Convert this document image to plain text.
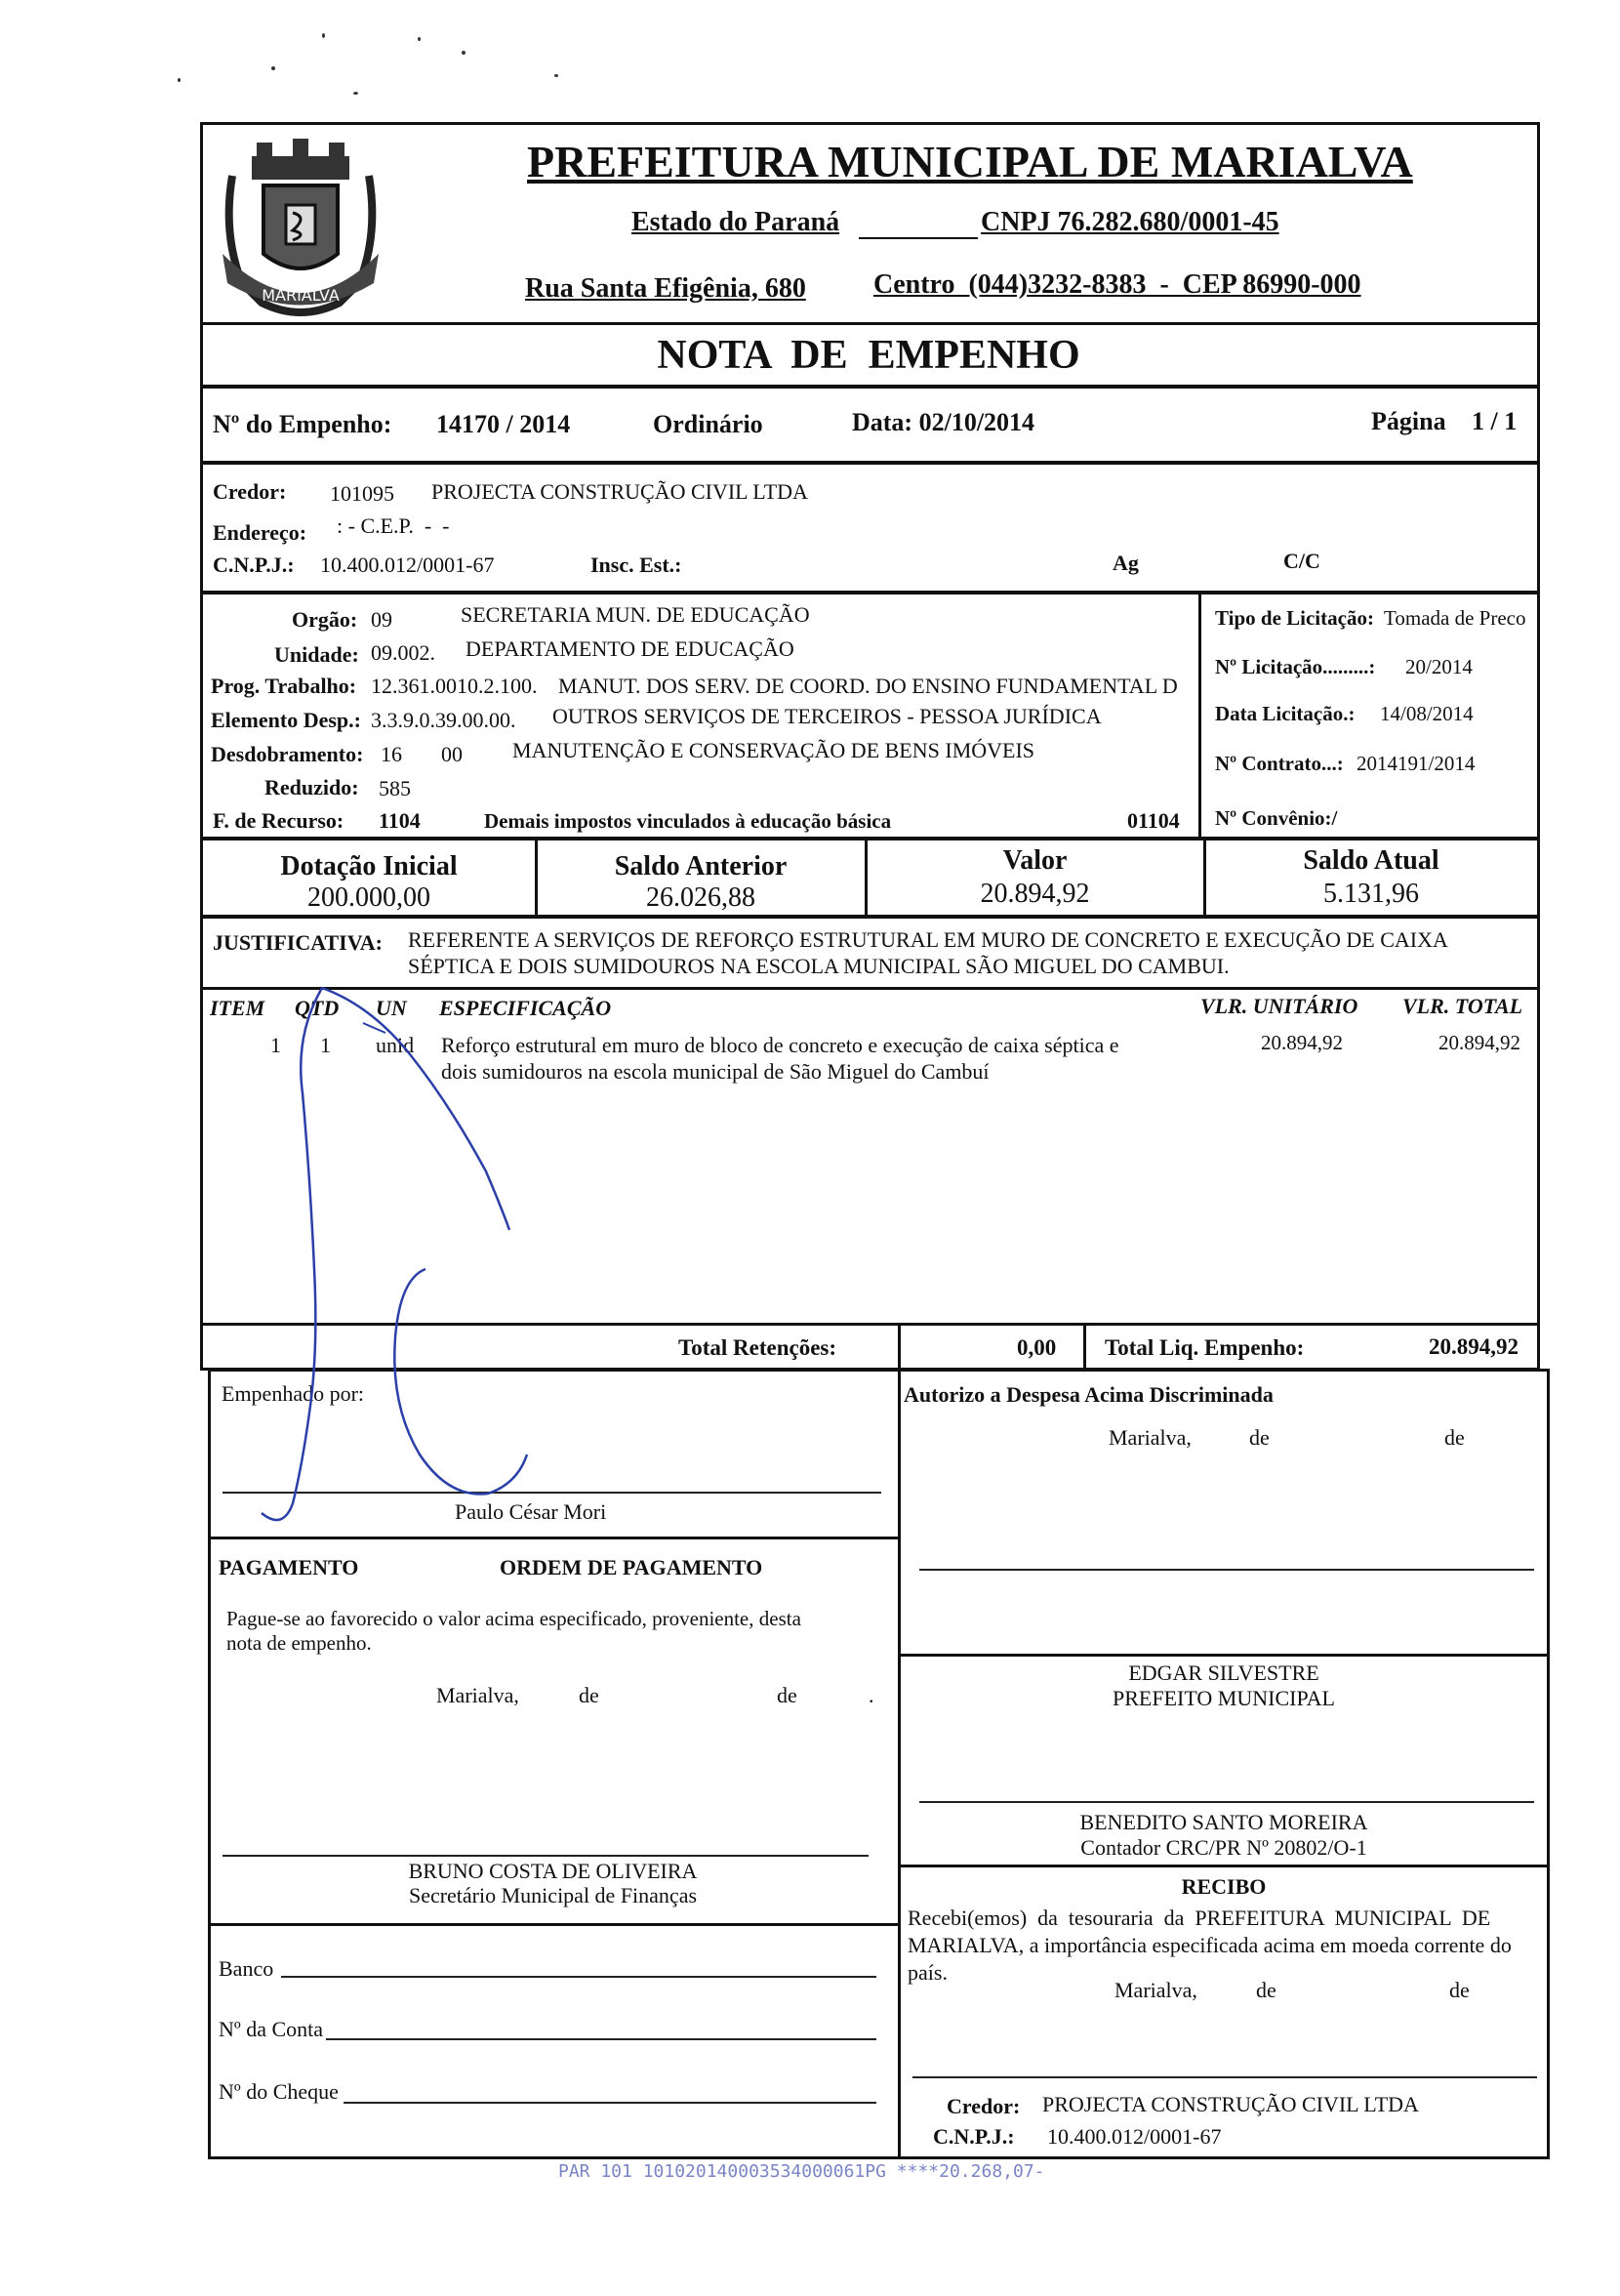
MARIALVA
PREFEITURA MUNICIPAL DE MARIALVA
Estado do Paraná	CNPJ 76.282.680/0001-45
Rua Santa Efigênia, 680 Centro  (044)3232-8383  -  CEP 86990-000
NOTA  DE  EMPENHO
Nº do Empenho: 14170 / 2014	Ordinário	Data: 02/10/2014	Página 1 / 1
Credor: 101095 PROJECTA CONSTRUÇÃO CIVIL LTDA
Endereço: : - C.E.P.  -  -
C.N.P.J.: 10.400.012/0001-67	Insc. Est.:	Ag	C/C
Orgão: 09	SECRETARIA MUN. DE EDUCAÇÃO
Unidade: 09.002. DEPARTAMENTO DE EDUCAÇÃO
Prog. Trabalho: 12.361.0010.2.100. MANUT. DOS SERV. DE COORD. DO ENSINO FUNDAMENTAL D
Elemento Desp.: 3.3.9.0.39.00.00. OUTROS SERVIÇOS DE TERCEIROS - PESSOA JURÍDICA
Desdobramento: 16 00 MANUTENÇÃO E CONSERVAÇÃO DE BENS IMÓVEIS
Reduzido: 585
F. de Recurso: 1104	Demais impostos vinculados à educação básica	01104
Tipo de Licitação: Tomada de Preco
Nº Licitação.........: 20/2014
Data Licitação.: 14/08/2014
Nº Contrato...: 2014191/2014
Nº Convênio:/
Dotação Inicial
200.000,00
Saldo Anterior
26.026,88
Valor
20.894,92
Saldo Atual
5.131,96
JUSTIFICATIVA: REFERENTE A SERVIÇOS DE REFORÇO ESTRUTURAL EM MURO DE CONCRETO E EXECUÇÃO DE CAIXA
SÉPTICA E DOIS SUMIDOUROS NA ESCOLA MUNICIPAL SÃO MIGUEL DO CAMBUI.
ITEM QTD UN ESPECIFICAÇÃO	VLR. UNITÁRIO VLR. TOTAL
1 1 unid Reforço estrutural em muro de bloco de concreto e execução de caixa séptica e
dois sumidouros na escola municipal de São Miguel do Cambuí
20.894,92	20.894,92
Total Retenções:	0,00 Total Liq. Empenho:	20.894,92
Empenhado por:
Paulo César Mori
Autorizo a Despesa Acima Discriminada
Marialva,	de	de
EDGAR SILVESTRE
PREFEITO MUNICIPAL
BENEDITO SANTO MOREIRA
Contador CRC/PR Nº 20802/O-1
PAGAMENTO	ORDEM DE PAGAMENTO
Pague-se ao favorecido o valor acima especificado, proveniente, desta
nota de empenho.
Marialva,	de	de	.
BRUNO COSTA DE OLIVEIRA
Secretário Municipal de Finanças
Banco
Nº da Conta
Nº do Cheque
RECIBO
Recebi(emos)  da  tesouraria  da  PREFEITURA  MUNICIPAL  DE
MARIALVA, a importância especificada acima em moeda corrente do
país.
Marialva,	de	de
Credor: PROJECTA CONSTRUÇÃO CIVIL LTDA
C.N.P.J.: 10.400.012/0001-67
PAR 101 101020140003534000061PG ****20.268,07-
